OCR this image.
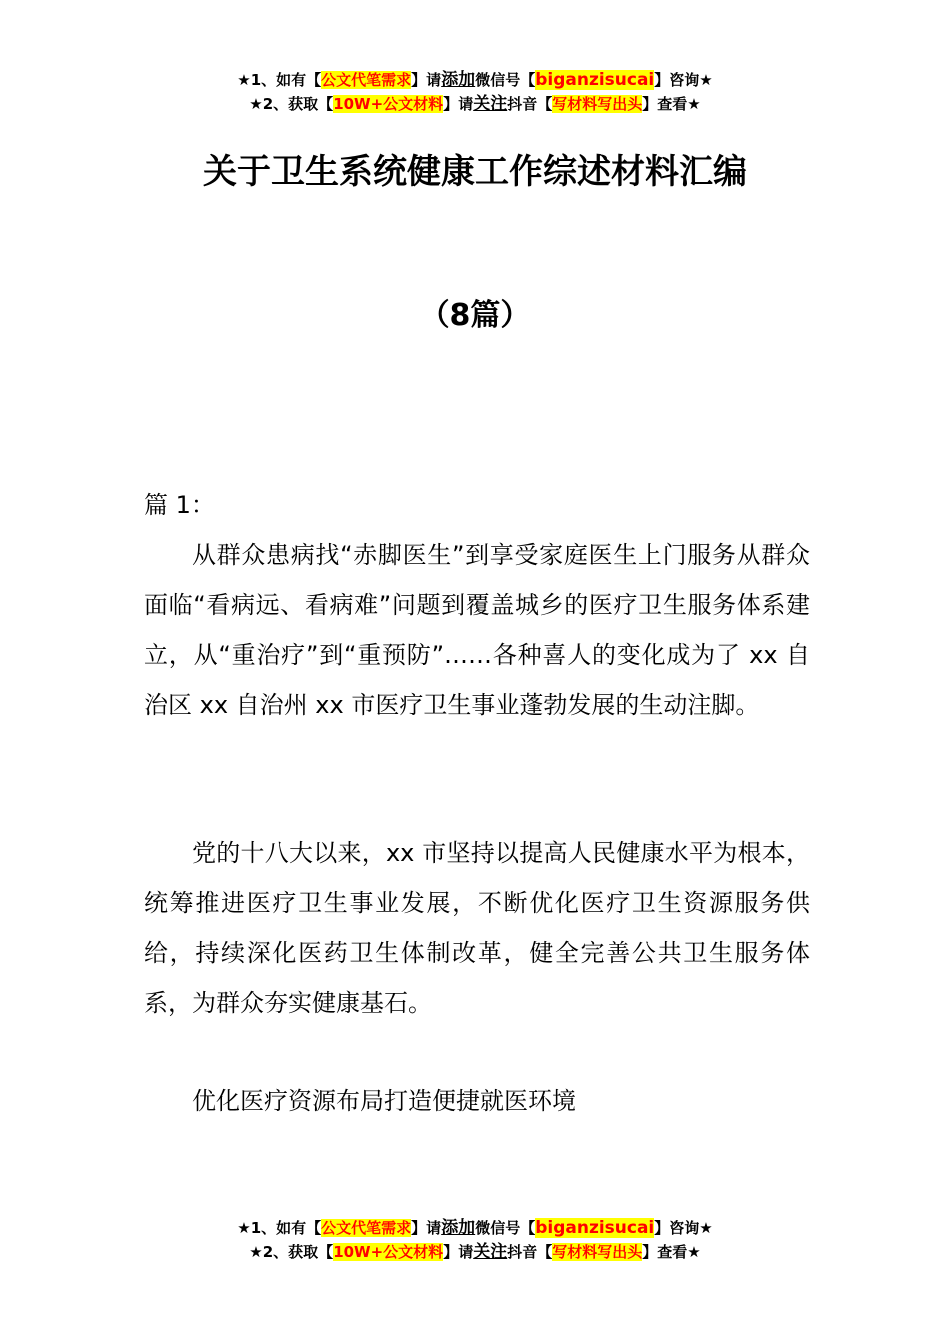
★1、如有【公文代笔需求】请添加微信号【biganzisucai】咨询★
★2、获取【10W+公文材料】请关注抖音【写材料写出头】查看★
关于卫生系统健康工作综述材料汇编
（8篇）
篇 1：

从群众患病找“赤脚医生”到享受家庭医生上门服务从群众面临“看病远、看病难”问题到覆盖城乡的医疗卫生服务体系建立，从“重治疗”到“重预防”……各种喜人的变化成为了 xx 自治区 xx 自治州 xx 市医疗卫生事业蓬勃发展的生动注脚。

党的十八大以来，xx 市坚持以提高人民健康水平为根本，统筹推进医疗卫生事业发展，不断优化医疗卫生资源服务供给，持续深化医药卫生体制改革，健全完善公共卫生服务体系，为群众夯实健康基石。

优化医疗资源布局打造便捷就医环境

★1、如有【公文代笔需求】请添加微信号【biganzisucai】咨询★
★2、获取【10W+公文材料】请关注抖音【写材料写出头】查看★
